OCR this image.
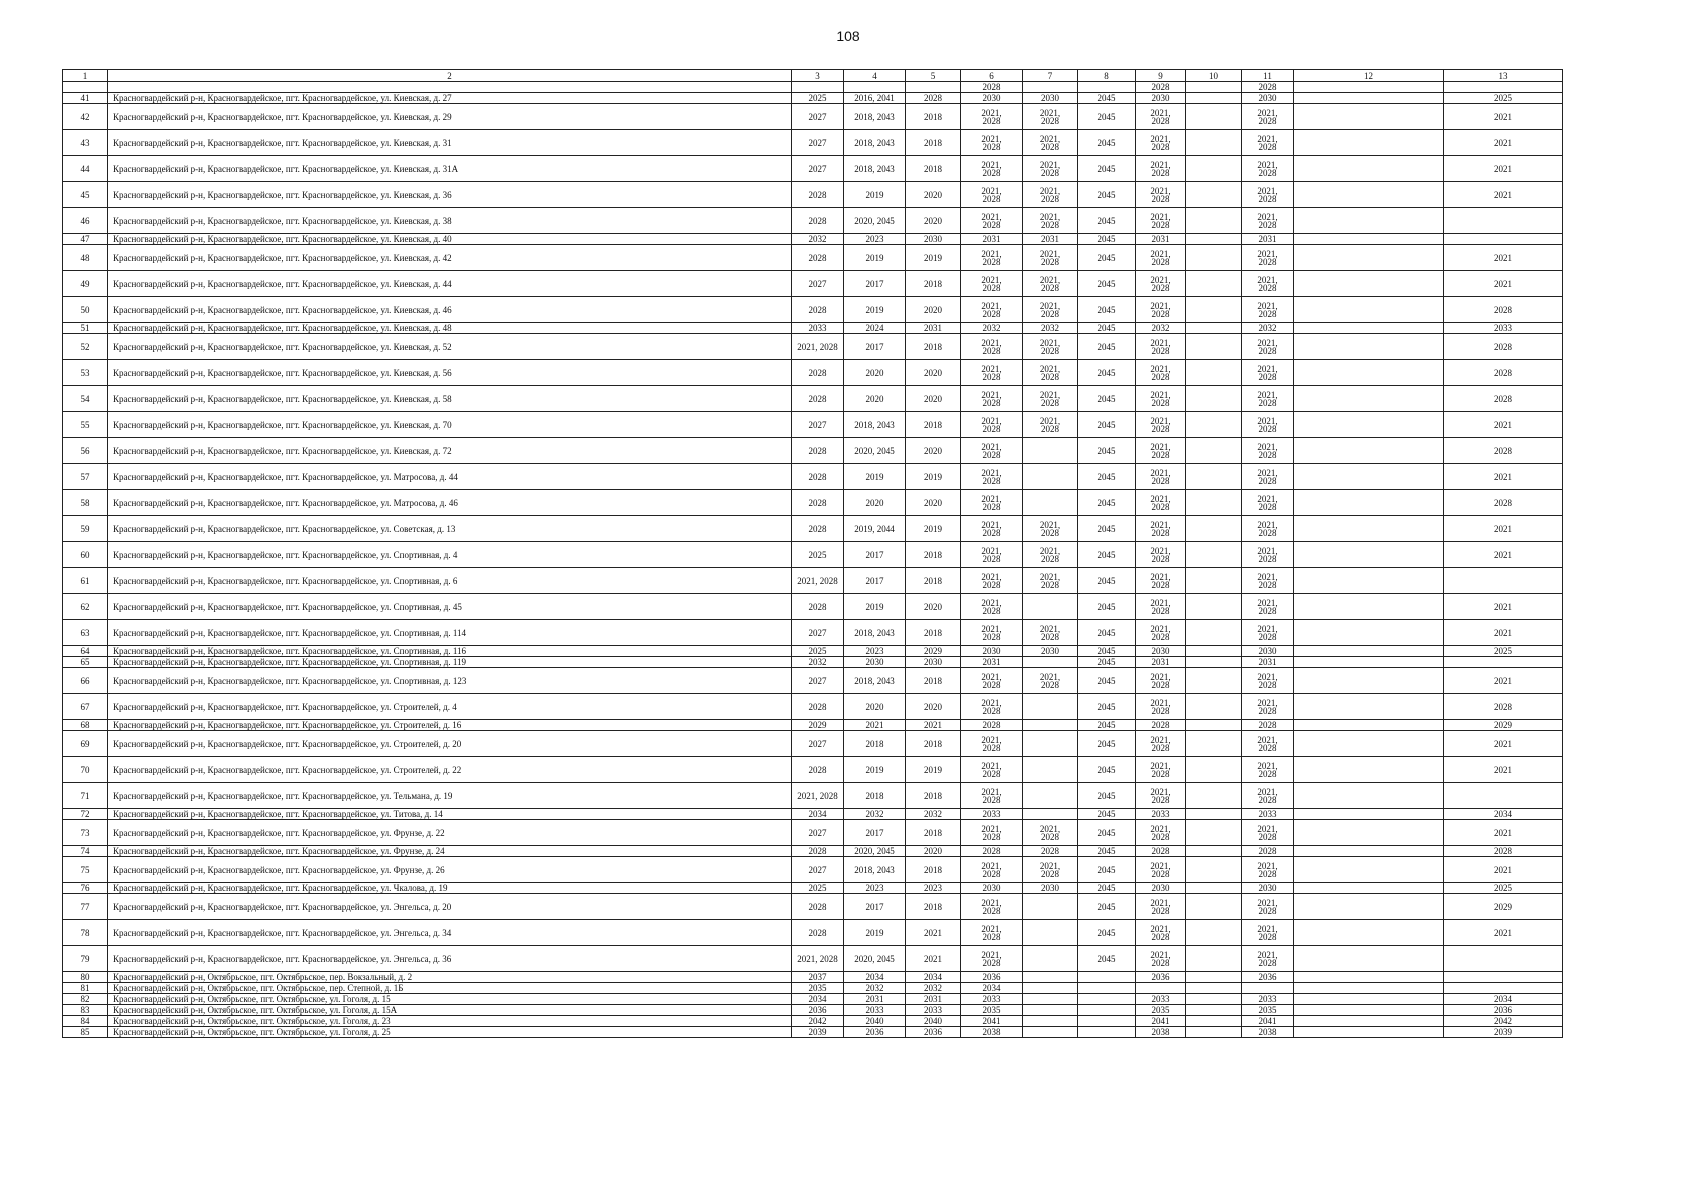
108
1	2	3	4	5	6	7	8	9	10	11	12	13
					2028			2028		2028		
41	Красногвардейский р-н, Красногвардейское, пгт. Красногвардейское, ул. Киевская, д. 27	2025	2016, 2041	2028	2030	2030	2045	2030		2030		2025
42	Красногвардейский р-н, Красногвардейское, пгт. Красногвардейское, ул. Киевская, д. 29	2027	2018, 2043	2018	2021,
2028	2021,
2028	2045	2021,
2028		2021,
2028		2021
43	Красногвардейский р-н, Красногвардейское, пгт. Красногвардейское, ул. Киевская, д. 31	2027	2018, 2043	2018	2021,
2028	2021,
2028	2045	2021,
2028		2021,
2028		2021
44	Красногвардейский р-н, Красногвардейское, пгт. Красногвардейское, ул. Киевская, д. 31А	2027	2018, 2043	2018	2021,
2028	2021,
2028	2045	2021,
2028		2021,
2028		2021
45	Красногвардейский р-н, Красногвардейское, пгт. Красногвардейское, ул. Киевская, д. 36	2028	2019	2020	2021,
2028	2021,
2028	2045	2021,
2028		2021,
2028		2021
46	Красногвардейский р-н, Красногвардейское, пгт. Красногвардейское, ул. Киевская, д. 38	2028	2020, 2045	2020	2021,
2028	2021,
2028	2045	2021,
2028		2021,
2028		
47	Красногвардейский р-н, Красногвардейское, пгт. Красногвардейское, ул. Киевская, д. 40	2032	2023	2030	2031	2031	2045	2031		2031		
48	Красногвардейский р-н, Красногвардейское, пгт. Красногвардейское, ул. Киевская, д. 42	2028	2019	2019	2021,
2028	2021,
2028	2045	2021,
2028		2021,
2028		2021
49	Красногвардейский р-н, Красногвардейское, пгт. Красногвардейское, ул. Киевская, д. 44	2027	2017	2018	2021,
2028	2021,
2028	2045	2021,
2028		2021,
2028		2021
50	Красногвардейский р-н, Красногвардейское, пгт. Красногвардейское, ул. Киевская, д. 46	2028	2019	2020	2021,
2028	2021,
2028	2045	2021,
2028		2021,
2028		2028
51	Красногвардейский р-н, Красногвардейское, пгт. Красногвардейское, ул. Киевская, д. 48	2033	2024	2031	2032	2032	2045	2032		2032		2033
52	Красногвардейский р-н, Красногвардейское, пгт. Красногвардейское, ул. Киевская, д. 52	2021, 2028	2017	2018	2021,
2028	2021,
2028	2045	2021,
2028		2021,
2028		2028
53	Красногвардейский р-н, Красногвардейское, пгт. Красногвардейское, ул. Киевская, д. 56	2028	2020	2020	2021,
2028	2021,
2028	2045	2021,
2028		2021,
2028		2028
54	Красногвардейский р-н, Красногвардейское, пгт. Красногвардейское, ул. Киевская, д. 58	2028	2020	2020	2021,
2028	2021,
2028	2045	2021,
2028		2021,
2028		2028
55	Красногвардейский р-н, Красногвардейское, пгт. Красногвардейское, ул. Киевская, д. 70	2027	2018, 2043	2018	2021,
2028	2021,
2028	2045	2021,
2028		2021,
2028		2021
56	Красногвардейский р-н, Красногвардейское, пгт. Красногвардейское, ул. Киевская, д. 72	2028	2020, 2045	2020	2021,
2028		2045	2021,
2028		2021,
2028		2028
57	Красногвардейский р-н, Красногвардейское, пгт. Красногвардейское, ул. Матросова, д. 44	2028	2019	2019	2021,
2028		2045	2021,
2028		2021,
2028		2021
58	Красногвардейский р-н, Красногвардейское, пгт. Красногвардейское, ул. Матросова, д. 46	2028	2020	2020	2021,
2028		2045	2021,
2028		2021,
2028		2028
59	Красногвардейский р-н, Красногвардейское, пгт. Красногвардейское, ул. Советская, д. 13	2028	2019, 2044	2019	2021,
2028	2021,
2028	2045	2021,
2028		2021,
2028		2021
60	Красногвардейский р-н, Красногвардейское, пгт. Красногвардейское, ул. Спортивная, д. 4	2025	2017	2018	2021,
2028	2021,
2028	2045	2021,
2028		2021,
2028		2021
61	Красногвардейский р-н, Красногвардейское, пгт. Красногвардейское, ул. Спортивная, д. 6	2021, 2028	2017	2018	2021,
2028	2021,
2028	2045	2021,
2028		2021,
2028		
62	Красногвардейский р-н, Красногвардейское, пгт. Красногвардейское, ул. Спортивная, д. 45	2028	2019	2020	2021,
2028		2045	2021,
2028		2021,
2028		2021
63	Красногвардейский р-н, Красногвардейское, пгт. Красногвардейское, ул. Спортивная, д. 114	2027	2018, 2043	2018	2021,
2028	2021,
2028	2045	2021,
2028		2021,
2028		2021
64	Красногвардейский р-н, Красногвардейское, пгт. Красногвардейское, ул. Спортивная, д. 116	2025	2023	2029	2030	2030	2045	2030		2030		2025
65	Красногвардейский р-н, Красногвардейское, пгт. Красногвардейское, ул. Спортивная, д. 119	2032	2030	2030	2031		2045	2031		2031		
66	Красногвардейский р-н, Красногвардейское, пгт. Красногвардейское, ул. Спортивная, д. 123	2027	2018, 2043	2018	2021,
2028	2021,
2028	2045	2021,
2028		2021,
2028		2021
67	Красногвардейский р-н, Красногвардейское, пгт. Красногвардейское, ул. Строителей, д. 4	2028	2020	2020	2021,
2028		2045	2021,
2028		2021,
2028		2028
68	Красногвардейский р-н, Красногвардейское, пгт. Красногвардейское, ул. Строителей, д. 16	2029	2021	2021	2028		2045	2028		2028		2029
69	Красногвардейский р-н, Красногвардейское, пгт. Красногвардейское, ул. Строителей, д. 20	2027	2018	2018	2021,
2028		2045	2021,
2028		2021,
2028		2021
70	Красногвардейский р-н, Красногвардейское, пгт. Красногвардейское, ул. Строителей, д. 22	2028	2019	2019	2021,
2028		2045	2021,
2028		2021,
2028		2021
71	Красногвардейский р-н, Красногвардейское, пгт. Красногвардейское, ул. Тельмана, д. 19	2021, 2028	2018	2018	2021,
2028		2045	2021,
2028		2021,
2028		
72	Красногвардейский р-н, Красногвардейское, пгт. Красногвардейское, ул. Титова, д. 14	2034	2032	2032	2033		2045	2033		2033		2034
73	Красногвардейский р-н, Красногвардейское, пгт. Красногвардейское, ул. Фрунзе, д. 22	2027	2017	2018	2021,
2028	2021,
2028	2045	2021,
2028		2021,
2028		2021
74	Красногвардейский р-н, Красногвардейское, пгт. Красногвардейское, ул. Фрунзе, д. 24	2028	2020, 2045	2020	2028	2028	2045	2028		2028		2028
75	Красногвардейский р-н, Красногвардейское, пгт. Красногвардейское, ул. Фрунзе, д. 26	2027	2018, 2043	2018	2021,
2028	2021,
2028	2045	2021,
2028		2021,
2028		2021
76	Красногвардейский р-н, Красногвардейское, пгт. Красногвардейское, ул. Чкалова, д. 19	2025	2023	2023	2030	2030	2045	2030		2030		2025
77	Красногвардейский р-н, Красногвардейское, пгт. Красногвардейское, ул. Энгельса, д. 20	2028	2017	2018	2021,
2028		2045	2021,
2028		2021,
2028		2029
78	Красногвардейский р-н, Красногвардейское, пгт. Красногвардейское, ул. Энгельса, д. 34	2028	2019	2021	2021,
2028		2045	2021,
2028		2021,
2028		2021
79	Красногвардейский р-н, Красногвардейское, пгт. Красногвардейское, ул. Энгельса, д. 36	2021, 2028	2020, 2045	2021	2021,
2028		2045	2021,
2028		2021,
2028		
80	Красногвардейский р-н, Октябрьское, пгт. Октябрьское, пер. Вокзальный, д. 2	2037	2034	2034	2036			2036		2036		
81	Красногвардейский р-н, Октябрьское, пгт. Октябрьское, пер. Степной, д. 1Б	2035	2032	2032	2034							
82	Красногвардейский р-н, Октябрьское, пгт. Октябрьское, ул. Гоголя, д. 15	2034	2031	2031	2033			2033		2033		2034
83	Красногвардейский р-н, Октябрьское, пгт. Октябрьское, ул. Гоголя, д. 15А	2036	2033	2033	2035			2035		2035		2036
84	Красногвардейский р-н, Октябрьское, пгт. Октябрьское, ул. Гоголя, д. 23	2042	2040	2040	2041			2041		2041		2042
85	Красногвардейский р-н, Октябрьское, пгт. Октябрьское, ул. Гоголя, д. 25	2039	2036	2036	2038			2038		2038		2039
